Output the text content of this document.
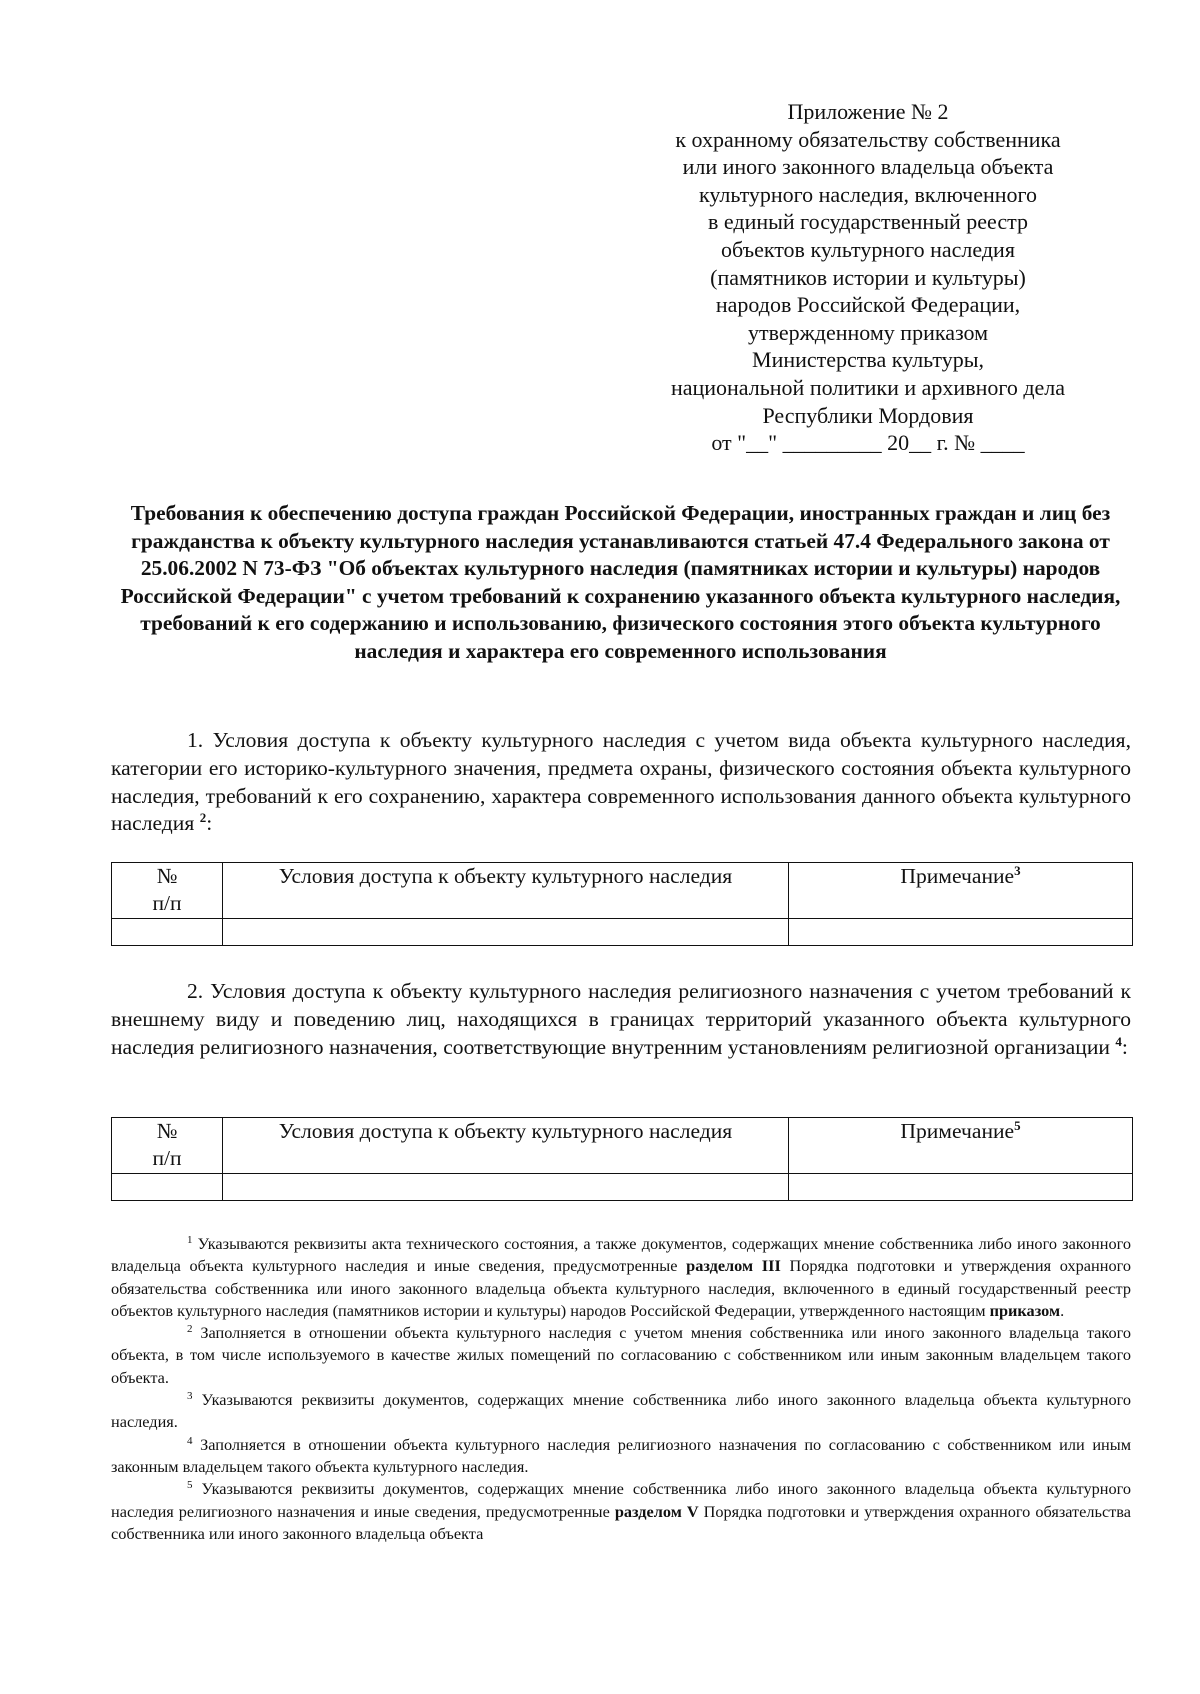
Приложение № 2
к охранному обязательству собственника
или иного законного владельца объекта
культурного наследия, включенного
в единый государственный реестр
объектов культурного наследия
(памятников истории и культуры)
народов Российской Федерации,
утвержденному приказом
Министерства культуры,
национальной политики и архивного дела
Республики Мордовия
от "__" _________ 20__ г. № ____
Требования к обеспечению доступа граждан Российской Федерации, иностранных граждан и лиц без гражданства к объекту культурного наследия устанавливаются статьей 47.4 Федерального закона от 25.06.2002 N 73-ФЗ "Об объектах культурного наследия (памятниках истории и культуры) народов Российской Федерации" с учетом требований к сохранению указанного объекта культурного наследия, требований к его содержанию и использованию, физического состояния этого объекта культурного наследия и характера его современного использования
1. Условия доступа к объекту культурного наследия с учетом вида объекта культурного наследия, категории его историко-культурного значения, предмета охраны, физического состояния объекта культурного наследия, требований к его сохранению, характера современного использования данного объекта культурного наследия $^2$:
№
п/п	Условия доступа к объекту культурного наследия	Примечание$^3$

2. Условия доступа к объекту культурного наследия религиозного назначения с учетом требований к внешнему виду и поведению лиц, находящихся в границах территорий указанного объекта культурного наследия религиозного назначения, соответствующие внутренним установлениям религиозной организации $^4$:
№
п/п	Условия доступа к объекту культурного наследия	Примечание$^5$

$^1$ Указываются реквизиты акта технического состояния, а также документов, содержащих мнение собственника либо иного законного владельца объекта культурного наследия и иные сведения, предусмотренные разделом III Порядка подготовки и утверждения охранного обязательства собственника или иного законного владельца объекта культурного наследия, включенного в единый государственный реестр объектов культурного наследия (памятников истории и культуры) народов Российской Федерации, утвержденного настоящим приказом.
$^2$ Заполняется в отношении объекта культурного наследия с учетом мнения собственника или иного законного владельца такого объекта, в том числе используемого в качестве жилых помещений по согласованию с собственником или иным законным владельцем такого объекта.
$^3$ Указываются реквизиты документов, содержащих мнение собственника либо иного законного владельца объекта культурного наследия.
$^4$ Заполняется в отношении объекта культурного наследия религиозного назначения по согласованию с собственником или иным законным владельцем такого объекта культурного наследия.
$^5$ Указываются реквизиты документов, содержащих мнение собственника либо иного законного владельца объекта культурного наследия религиозного назначения и иные сведения, предусмотренные разделом V Порядка подготовки и утверждения охранного обязательства собственника или иного законного владельца объекта
